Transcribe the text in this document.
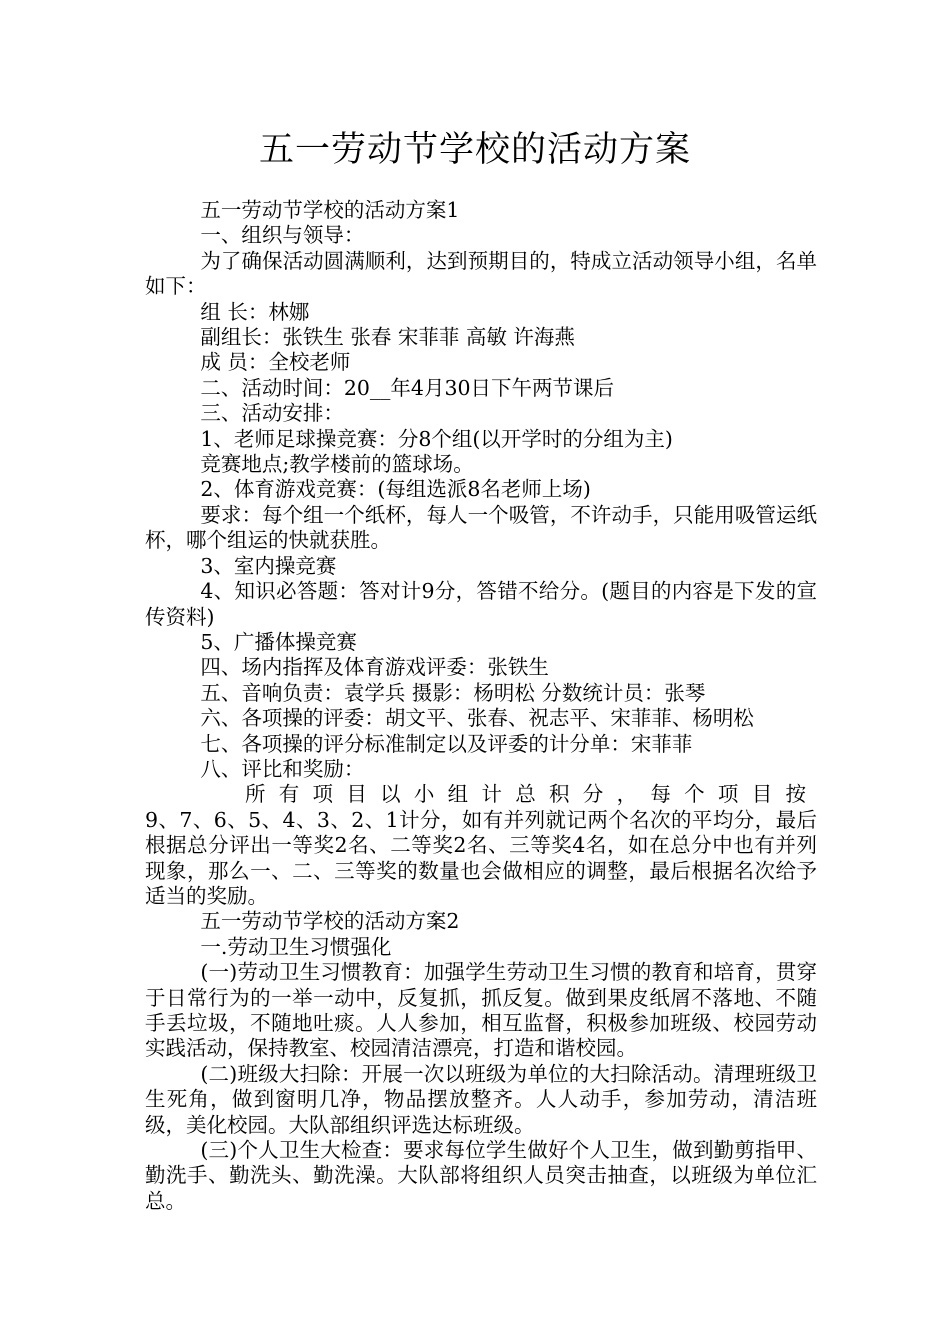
五一劳动节学校的活动方案

五一劳动节学校的活动方案1

一、组织与领导：

为了确保活动圆满顺利，达到预期目的，特成立活动领导小组，名单如下：

组 长：林娜

副组长：张铁生 张春 宋菲菲 高敏 许海燕

成 员：全校老师

二、活动时间：20__年4月30日下午两节课后

三、活动安排：

1、老师足球操竞赛：分8个组(以开学时的分组为主)

竞赛地点;教学楼前的篮球场。

2、体育游戏竞赛：(每组选派8名老师上场)

要求：每个组一个纸杯，每人一个吸管，不许动手，只能用吸管运纸杯，哪个组运的快就获胜。

3、室内操竞赛

4、知识必答题：答对计9分，答错不给分。(题目的内容是下发的宣传资料)

5、广播体操竞赛

四、场内指挥及体育游戏评委：张铁生

五、音响负责：袁学兵 摄影：杨明松 分数统计员：张琴

六、各项操的评委：胡文平、张春、祝志平、宋菲菲、杨明松

七、各项操的评分标准制定以及评委的计分单：宋菲菲

八、评比和奖励：

所有项目以小组计总积分，每个项目按

9、7、6、5、4、3、2、1计分，如有并列就记两个名次的平均分，最后根据总分评出一等奖2名、二等奖2名、三等奖4名，如在总分中也有并列现象，那么一、二、三等奖的数量也会做相应的调整，最后根据名次给予适当的奖励。

五一劳动节学校的活动方案2

一.劳动卫生习惯强化

(一)劳动卫生习惯教育：加强学生劳动卫生习惯的教育和培育，贯穿于日常行为的一举一动中，反复抓，抓反复。做到果皮纸屑不落地、不随手丢垃圾，不随地吐痰。人人参加，相互监督，积极参加班级、校园劳动实践活动，保持教室、校园清洁漂亮，打造和谐校园。

(二)班级大扫除：开展一次以班级为单位的大扫除活动。清理班级卫生死角，做到窗明几净，物品摆放整齐。人人动手，参加劳动，清洁班级，美化校园。大队部组织评选达标班级。

(三)个人卫生大检查：要求每位学生做好个人卫生，做到勤剪指甲、勤洗手、勤洗头、勤洗澡。大队部将组织人员突击抽查，以班级为单位汇总。
